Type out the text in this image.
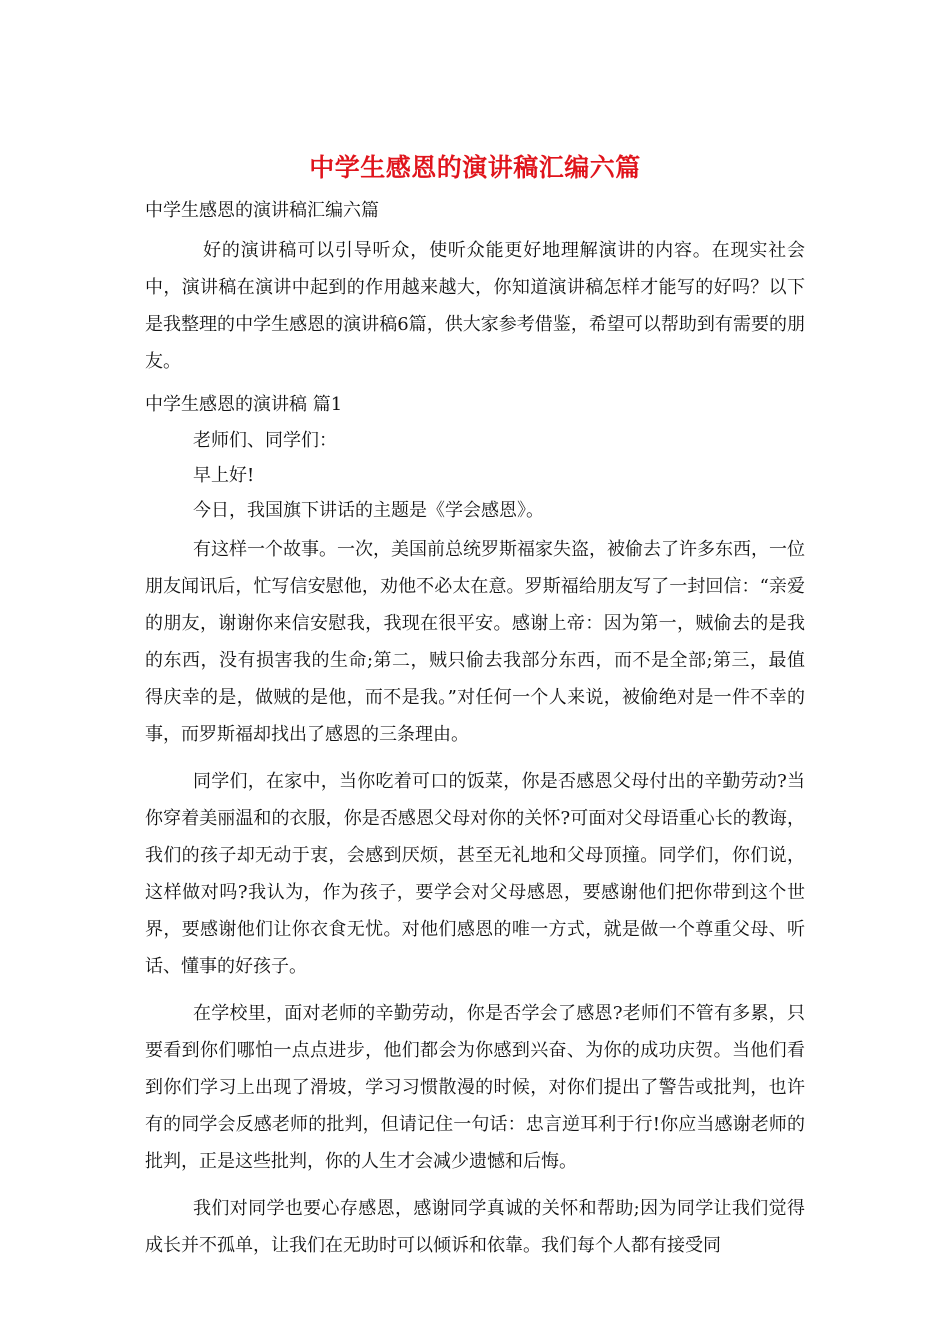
中学生感恩的演讲稿汇编六篇

中学生感恩的演讲稿汇编六篇

好的演讲稿可以引导听众，使听众能更好地理解演讲的内容。在现实社会中，演讲稿在演讲中起到的作用越来越大，你知道演讲稿怎样才能写的好吗？以下是我整理的中学生感恩的演讲稿6篇，供大家参考借鉴，希望可以帮助到有需要的朋友。

中学生感恩的演讲稿 篇1

老师们、同学们：

早上好!

今日，我国旗下讲话的主题是《学会感恩》。

有这样一个故事。一次，美国前总统罗斯福家失盗，被偷去了许多东西，一位朋友闻讯后，忙写信安慰他，劝他不必太在意。罗斯福给朋友写了一封回信：“亲爱的朋友，谢谢你来信安慰我，我现在很平安。感谢上帝：因为第一，贼偷去的是我的东西，没有损害我的生命;第二，贼只偷去我部分东西，而不是全部;第三，最值得庆幸的是，做贼的是他，而不是我。”对任何一个人来说，被偷绝对是一件不幸的事，而罗斯福却找出了感恩的三条理由。

同学们，在家中，当你吃着可口的饭菜，你是否感恩父母付出的辛勤劳动?当你穿着美丽温和的衣服，你是否感恩父母对你的关怀?可面对父母语重心长的教诲，我们的孩子却无动于衷，会感到厌烦，甚至无礼地和父母顶撞。同学们，你们说，这样做对吗?我认为，作为孩子，要学会对父母感恩，要感谢他们把你带到这个世界，要感谢他们让你衣食无忧。对他们感恩的唯一方式，就是做一个尊重父母、听话、懂事的好孩子。

在学校里，面对老师的辛勤劳动，你是否学会了感恩?老师们不管有多累，只要看到你们哪怕一点点进步，他们都会为你感到兴奋、为你的成功庆贺。当他们看到你们学习上出现了滑坡，学习习惯散漫的时候，对你们提出了警告或批判，也许有的同学会反感老师的批判，但请记住一句话：忠言逆耳利于行!你应当感谢老师的批判，正是这些批判，你的人生才会减少遗憾和后悔。

我们对同学也要心存感恩，感谢同学真诚的关怀和帮助;因为同学让我们觉得成长并不孤单，让我们在无助时可以倾诉和依靠。我们每个人都有接受同
